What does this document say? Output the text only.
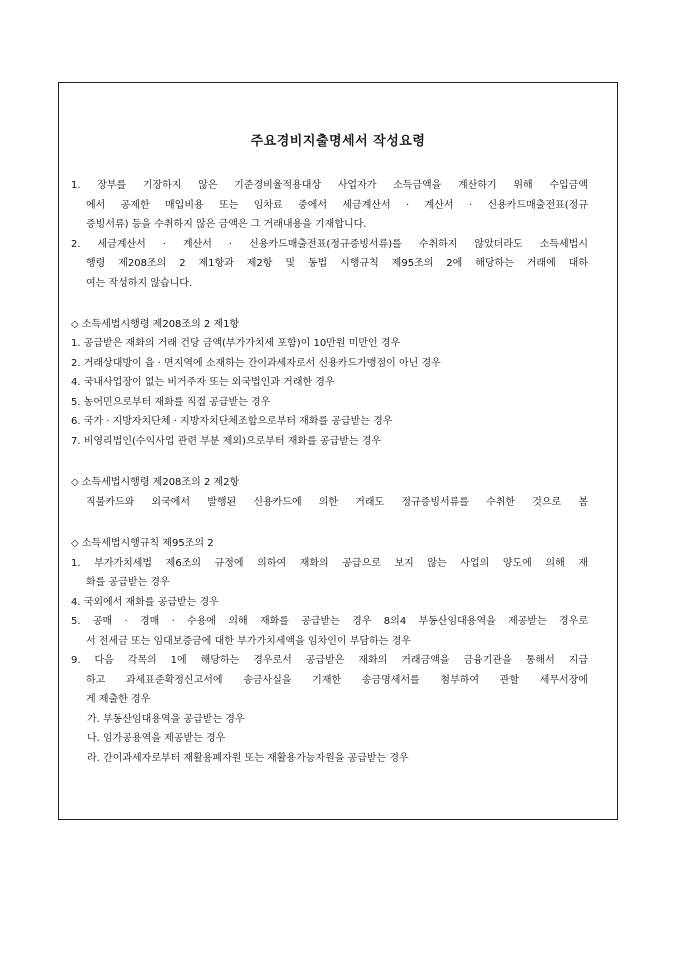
주요경비지출명세서 작성요령
1. 장부를 기장하지 않은 기준경비율적용대상 사업자가 소득금액을 계산하기 위해 수입금액
에서 공제한 매입비용 또는 임차료 중에서 세금계산서 · 계산서 · 신용카드매출전표(정규
증빙서류) 등을 수취하지 않은 금액은 그 거래내용을 기재합니다.
2. 세금계산서 · 계산서 · 신용카드매출전표(정규증빙서류)를 수취하지 않았더라도 소득세법시
행령 제208조의 2 제1항과 제2항 및 동법 시행규칙 제95조의 2에 해당하는 거래에 대하
여는 작성하지 않습니다.
◇ 소득세법시행령 제208조의 2 제1항
1. 공급받은 재화의 거래 건당 금액(부가가치세 포함)이 10만원 미만인 경우
2. 거래상대방이 읍 · 면지역에 소재하는 간이과세자로서 신용카드가맹점이 아닌 경우
4. 국내사업장이 없는 비거주자 또는 외국법인과 거래한 경우
5. 농어민으로부터 재화를 직접 공급받는 경우
6. 국가 · 지방자치단체 · 지방자치단체조합으로부터 재화를 공급받는 경우
7. 비영리법인(수익사업 관련 부분 제외)으로부터 재화를 공급받는 경우
◇ 소득세법시행령 제208조의 2 제2항
직불카드와 외국에서 발행된 신용카드에 의한 거래도 정규증빙서류를 수취한 것으로 봄
◇ 소득세법시행규칙 제95조의 2
1. 부가가치세법 제6조의 규정에 의하여 재화의 공급으로 보지 않는 사업의 양도에 의해 재
화를 공급받는 경우
4. 국외에서 재화를 공급받는 경우
5. 공매 · 경매 · 수용에 의해 재화를 공급받는 경우 8의4 부동산임대용역을 제공받는 경우로
서 전세금 또는 임대보증금에 대한 부가가치세액을 임차인이 부담하는 경우
9. 다음 각목의 1에 해당하는 경우로서 공급받은 재화의 거래금액을 금융기관을 통해서 지급
하고 과세표준확정신고서에 송금사실을 기재한 송금명세서를 첨부하여 관할 세무서장에
게 제출한 경우
가. 부동산임대용역을 공급받는 경우
나. 임가공용역을 제공받는 경우
라. 간이과세자로부터 재활용폐자원 또는 재활용가능자원을 공급받는 경우
